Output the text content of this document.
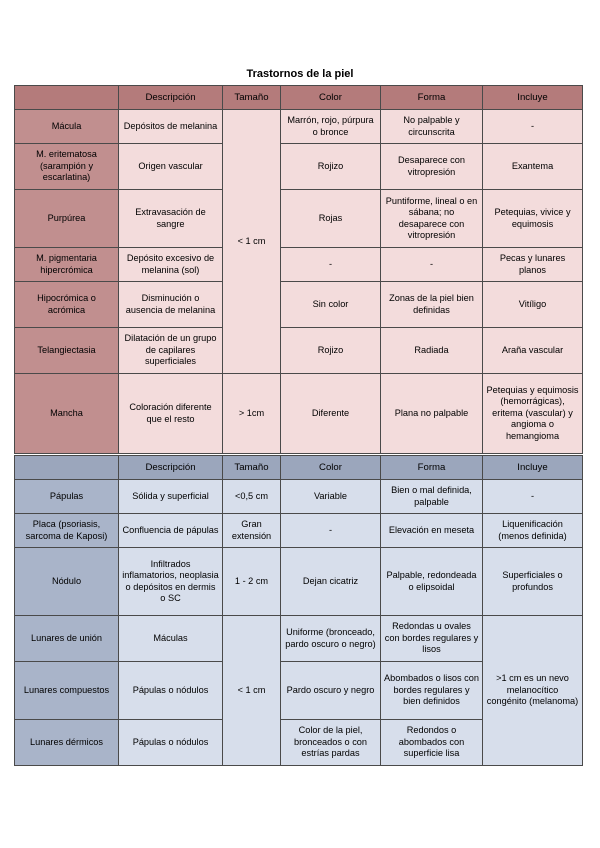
Trastornos de la piel
	Descripción	Tamaño	Color	Forma	Incluye
Mácula	Depósitos de melanina	< 1 cm	Marrón, rojo, púrpura o bronce	No palpable y circunscrita	-
M. eritematosa (sarampión y escarlatina)	Origen vascular		Rojizo	Desaparece con vitropresión	Exantema
Purpúrea	Extravasación de sangre		Rojas	Puntiforme, lineal o en sábana; no desaparece con vitropresión	Petequias, vivice y equimosis
M. pigmentaria hipercrómica	Depósito excesivo de melanina (sol)		-	-	Pecas y lunares planos
Hipocrómica o acrómica	Disminución o ausencia de melanina		Sin color	Zonas de la piel bien definidas	Vitíligo
Telangiectasia	Dilatación de un grupo de capilares superficiales		Rojizo	Radiada	Araña vascular
Mancha	Coloración diferente que el resto	> 1cm	Diferente	Plana no palpable	Petequias y equimosis (hemorrágicas), eritema (vascular) y angioma o hemangioma
	Descripción	Tamaño	Color	Forma	Incluye
Pápulas	Sólida y superficial	<0,5 cm	Variable	Bien o mal definida, palpable	-
Placa (psoriasis, sarcoma de Kaposi)	Confluencia de pápulas	Gran extensión	-	Elevación en meseta	Liquenificación (menos definida)
Nódulo	Infiltrados inflamatorios, neoplasia o depósitos en dermis o SC	1 - 2 cm	Dejan cicatriz	Palpable, redondeada o elipsoidal	Superficiales o profundos
Lunares de unión	Máculas	< 1 cm	Uniforme (bronceado, pardo oscuro o negro)	Redondas u ovales con bordes regulares y lisos	>1 cm es un nevo melanocítico congénito (melanoma)
Lunares compuestos	Pápulas o nódulos		Pardo oscuro y negro	Abombados o lisos con bordes regulares y bien definidos	
Lunares dérmicos	Pápulas o nódulos		Color de la piel, bronceados o con estrías pardas	Redondos o abombados con superficie lisa	
